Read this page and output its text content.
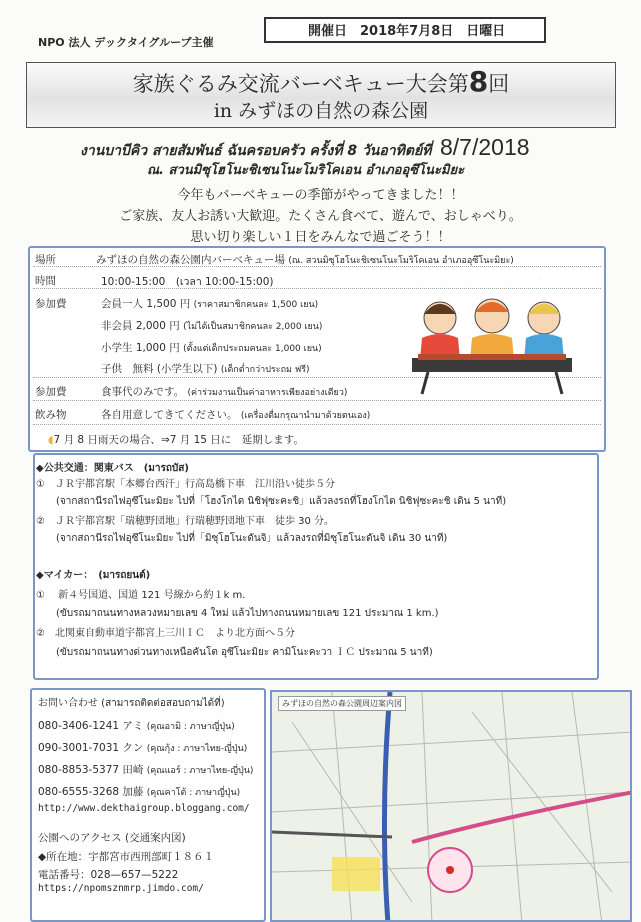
NPO 法人 デックタイグループ主催
開催日　2018年7月8日　日曜日
家族ぐるみ交流バーベキュー大会第8回
in みずほの自然の森公園
งานบาบีคิว สายสัมพันธ์ ฉันครอบครัว ครั้งที่ 8 วันอาทิตย์ที่ 8/7/2018
ณ. สวนมิซุโฮโนะชิเซนโนะโมริโคเอน อำเภออุซึโนะมิยะ
今年もバーベキューの季節がやってきました！！
ご家族、友人お誘い大歓迎。たくさん食べて、遊んで、おしゃべり。
思い切り楽しい１日をみんなで過ごそう！！
場所	みずほの自然の森公園内バーベキュー場 (ณ. สวนมิซุโฮโนะชิเซนโนะโมริโคเอน อำเภออุซึโนะมิยะ)
時間	10:00-15:00　 (เวลา 10:00-15:00)
参加費	会員一人 1,500 円 (ราคาสมาชิกคนละ 1,500 เยน)
非会員 2,000 円 (ไม่ได้เป็นสมาชิกคนละ 2,000 เยน)
小学生 1,000 円 (ตั้งแต่เด็กประถมคนละ 1,000 เยน)
子供　無料 (小学生以下) (เด็กต่ำกว่าประถม ฟรี)
参加費	食事代のみです。 (ค่าร่วมงานเป็นค่าอาหารเพียงอย่างเดียว)
飲み物	各自用意してきてください。 (เครื่องดื่มกรุณานำมาด้วยตนเอง)
◖7 月 8 日雨天の場合、⇒7 月 15 日に　延期します。
みんなで楽しくバーベキュー
◆公共交通：関東バス　(มารถบัส)
①　ＪＲ宇都宮駅「本郷台西汗」行高島橋下車　江川沿い徒歩５分
(จากสถานีรถไฟอุซึโนะมิยะ ไปที่「โฮงโกได นิชิฟุซะคะชิ」แล้วลงรถที่โฮงโกได นิชิฟุซะคะชิ เดิน 5 นาที)
②　ＪＲ宇都宮駅「瑞穂野団地」行瑞穂野団地下車　徒歩 30 分。
(จากสถานีรถไฟอุซึโนะมิยะ ไปที่「มิซุโฮโนะดันจิ」แล้วลงรถที่มิซุโฮโนะดันจิ เดิน 30 นาที)
◆マイカー：　(มารถยนต์)
①　 新４号国道、国道 121 号線から約１k m.
(ขับรถมาถนนทางหลวงหมายเลข 4 ใหม่ แล้วไปทางถนนหมายเลข 121 ประมาณ 1 km.)
②　北関東自動車道宇都宮上三川ＩＣ　より北方面へ５分
(ขับรถมาถนนทางด่วนทางเหนือคันโต อุซึโนะมิยะ คามิโนะคะวา ＩＣ ประมาณ 5 นาที)
お問い合わせ (สามารถติดต่อสอบถามได้ที่)
080-3406-1241 アミ (คุณอามิ : ภาษาญี่ปุ่น)
090-3001-7031 クン (คุณกุ้ง : ภาษาไทย-ญี่ปุ่น)
080-8853-5377 田崎 (คุณแอร์ : ภาษาไทย-ญี่ปุ่น)
080-6555-3268 加藤 (คุณคาโต้ : ภาษาญี่ปุ่น)
http://www.dekthaigroup.bloggang.com/
公園へのアクセス (交通案内図)
◆所在地：宇都宮市西刑部町１８６１
電話番号：028—657—5222
https://npomsznmrp.jimdo.com/
みずほの自然の森公園周辺案内図
